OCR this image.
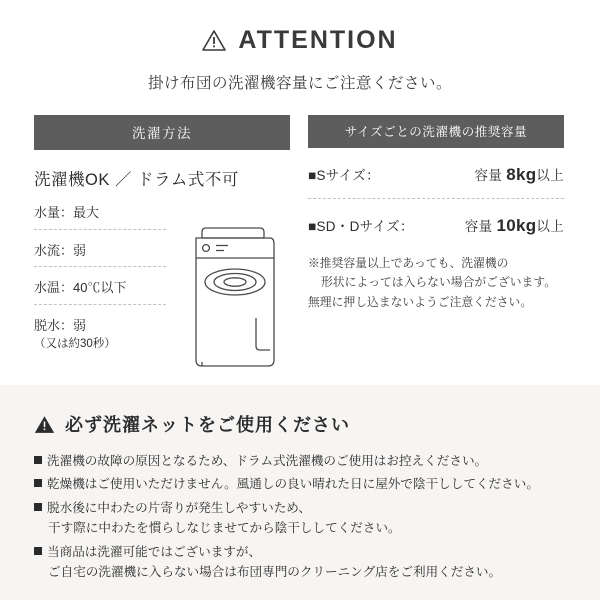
ATTENTION
掛け布団の洗濯機容量にご注意ください。
洗濯方法
洗濯機OK ／ ドラム式不可
水量：最大
水流：弱
水温：40℃以下
脱水：弱
（又は約30秒）
サイズごとの洗濯機の推奨容量
■Sサイズ：	容量 8kg以上
■SD・Dサイズ：	容量 10kg以上
※推奨容量以上であっても、洗濯機の
形状によっては入らない場合がございます。
無理に押し込まないようご注意ください。
必ず洗濯ネットをご使用ください
洗濯機の故障の原因となるため、ドラム式洗濯機のご使用はお控えください。
乾燥機はご使用いただけません。風通しの良い晴れた日に屋外で陰干ししてください。
脱水後に中わたの片寄りが発生しやすいため、
干す際に中わたを慣らしなじませてから陰干ししてください。
当商品は洗濯可能ではございますが、
ご自宅の洗濯機に入らない場合は布団専門のクリーニング店をご利用ください。
